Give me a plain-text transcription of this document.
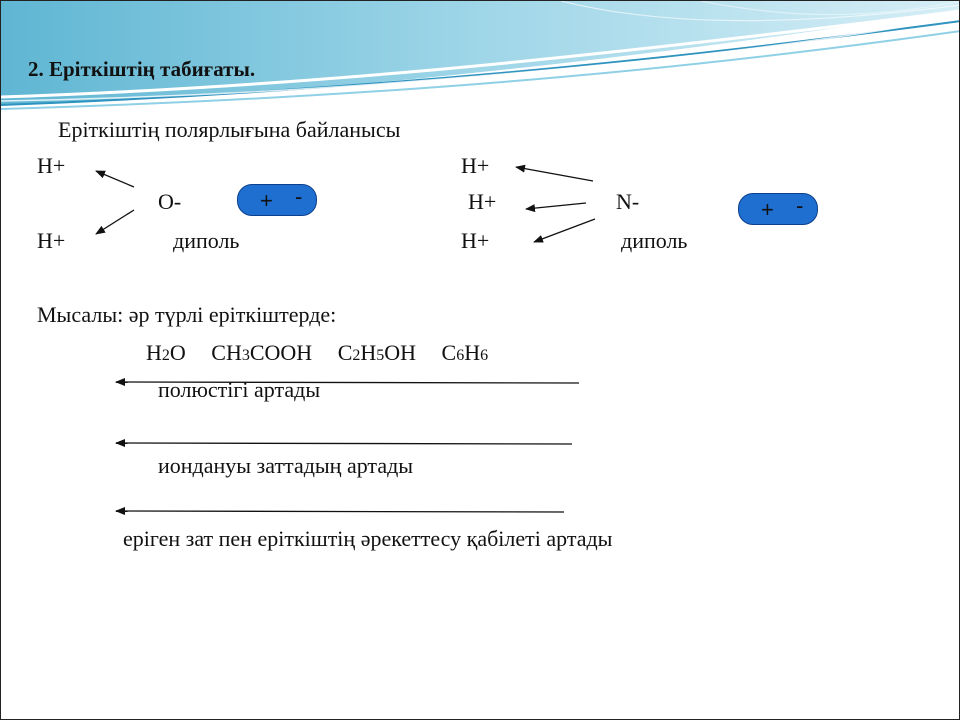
2. Еріткіштің табиғаты.
Еріткіштің полярлығына байланысы
H+
O-
H+	диполь
+ -
H+
H+	N-
H+	диполь
+ -
Мысалы: әр түрлі еріткіштерде:
H2O CH3COOH C2H5OH C6H6
полюстігі артады
иондануы заттадың артады
еріген зат пен еріткіштің әрекеттесу қабілеті артады
